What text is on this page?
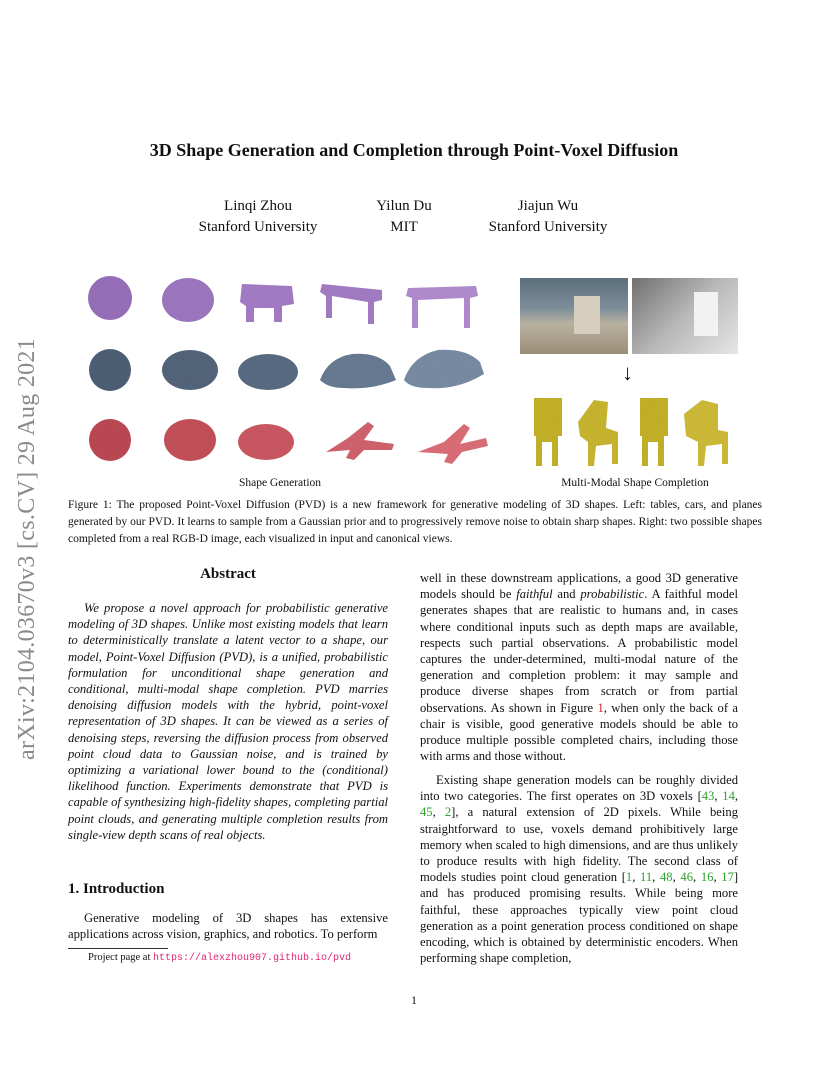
arXiv:2104.03670v3 [cs.CV] 29 Aug 2021
3D Shape Generation and Completion through Point-Voxel Diffusion
Linqi Zhou
Stanford University
Yilun Du
MIT
Jiajun Wu
Stanford University
↓
Shape Generation	Multi-Modal Shape Completion
Figure 1: The proposed Point-Voxel Diffusion (PVD) is a new framework for generative modeling of 3D shapes. Left: tables, cars, and planes generated by our PVD. It learns to sample from a Gaussian prior and to progressively remove noise to obtain sharp shapes. Right: two possible shapes completed from a real RGB-D image, each visualized in input and canonical views.
Abstract

We propose a novel approach for probabilistic generative modeling of 3D shapes. Unlike most existing models that learn to deterministically translate a latent vector to a shape, our model, Point-Voxel Diffusion (PVD), is a unified, probabilistic formulation for unconditional shape generation and conditional, multi-modal shape completion. PVD marries denoising diffusion models with the hybrid, point-voxel representation of 3D shapes. It can be viewed as a series of denoising steps, reversing the diffusion process from observed point cloud data to Gaussian noise, and is trained by optimizing a variational lower bound to the (conditional) likelihood function. Experiments demonstrate that PVD is capable of synthesizing high-fidelity shapes, completing partial point clouds, and generating multiple completion results from single-view depth scans of real objects.

1. Introduction
Generative modeling of 3D shapes has extensive applications across vision, graphics, and robotics. To perform
Project page at https://alexzhou907.github.io/pvd

well in these downstream applications, a good 3D generative models should be faithful and probabilistic. A faithful model generates shapes that are realistic to humans and, in cases where conditional inputs such as depth maps are available, respects such partial observations. A probabilistic model captures the under-determined, multi-modal nature of the generation and completion problem: it may sample and produce diverse shapes from scratch or from partial observations. As shown in Figure 1, when only the back of a chair is visible, good generative models should be able to produce multiple possible completed chairs, including those with arms and those without.

Existing shape generation models can be roughly divided into two categories. The first operates on 3D voxels [43, 14, 45, 2], a natural extension of 2D pixels. While being straightforward to use, voxels demand prohibitively large memory when scaled to high dimensions, and are thus unlikely to produce results with high fidelity. The second class of models studies point cloud generation [1, 11, 48, 46, 16, 17] and has produced promising results. While being more faithful, these approaches typically view point cloud generation as a point generation process conditioned on shape encoding, which is obtained by deterministic encoders. When performing shape completion,

1
